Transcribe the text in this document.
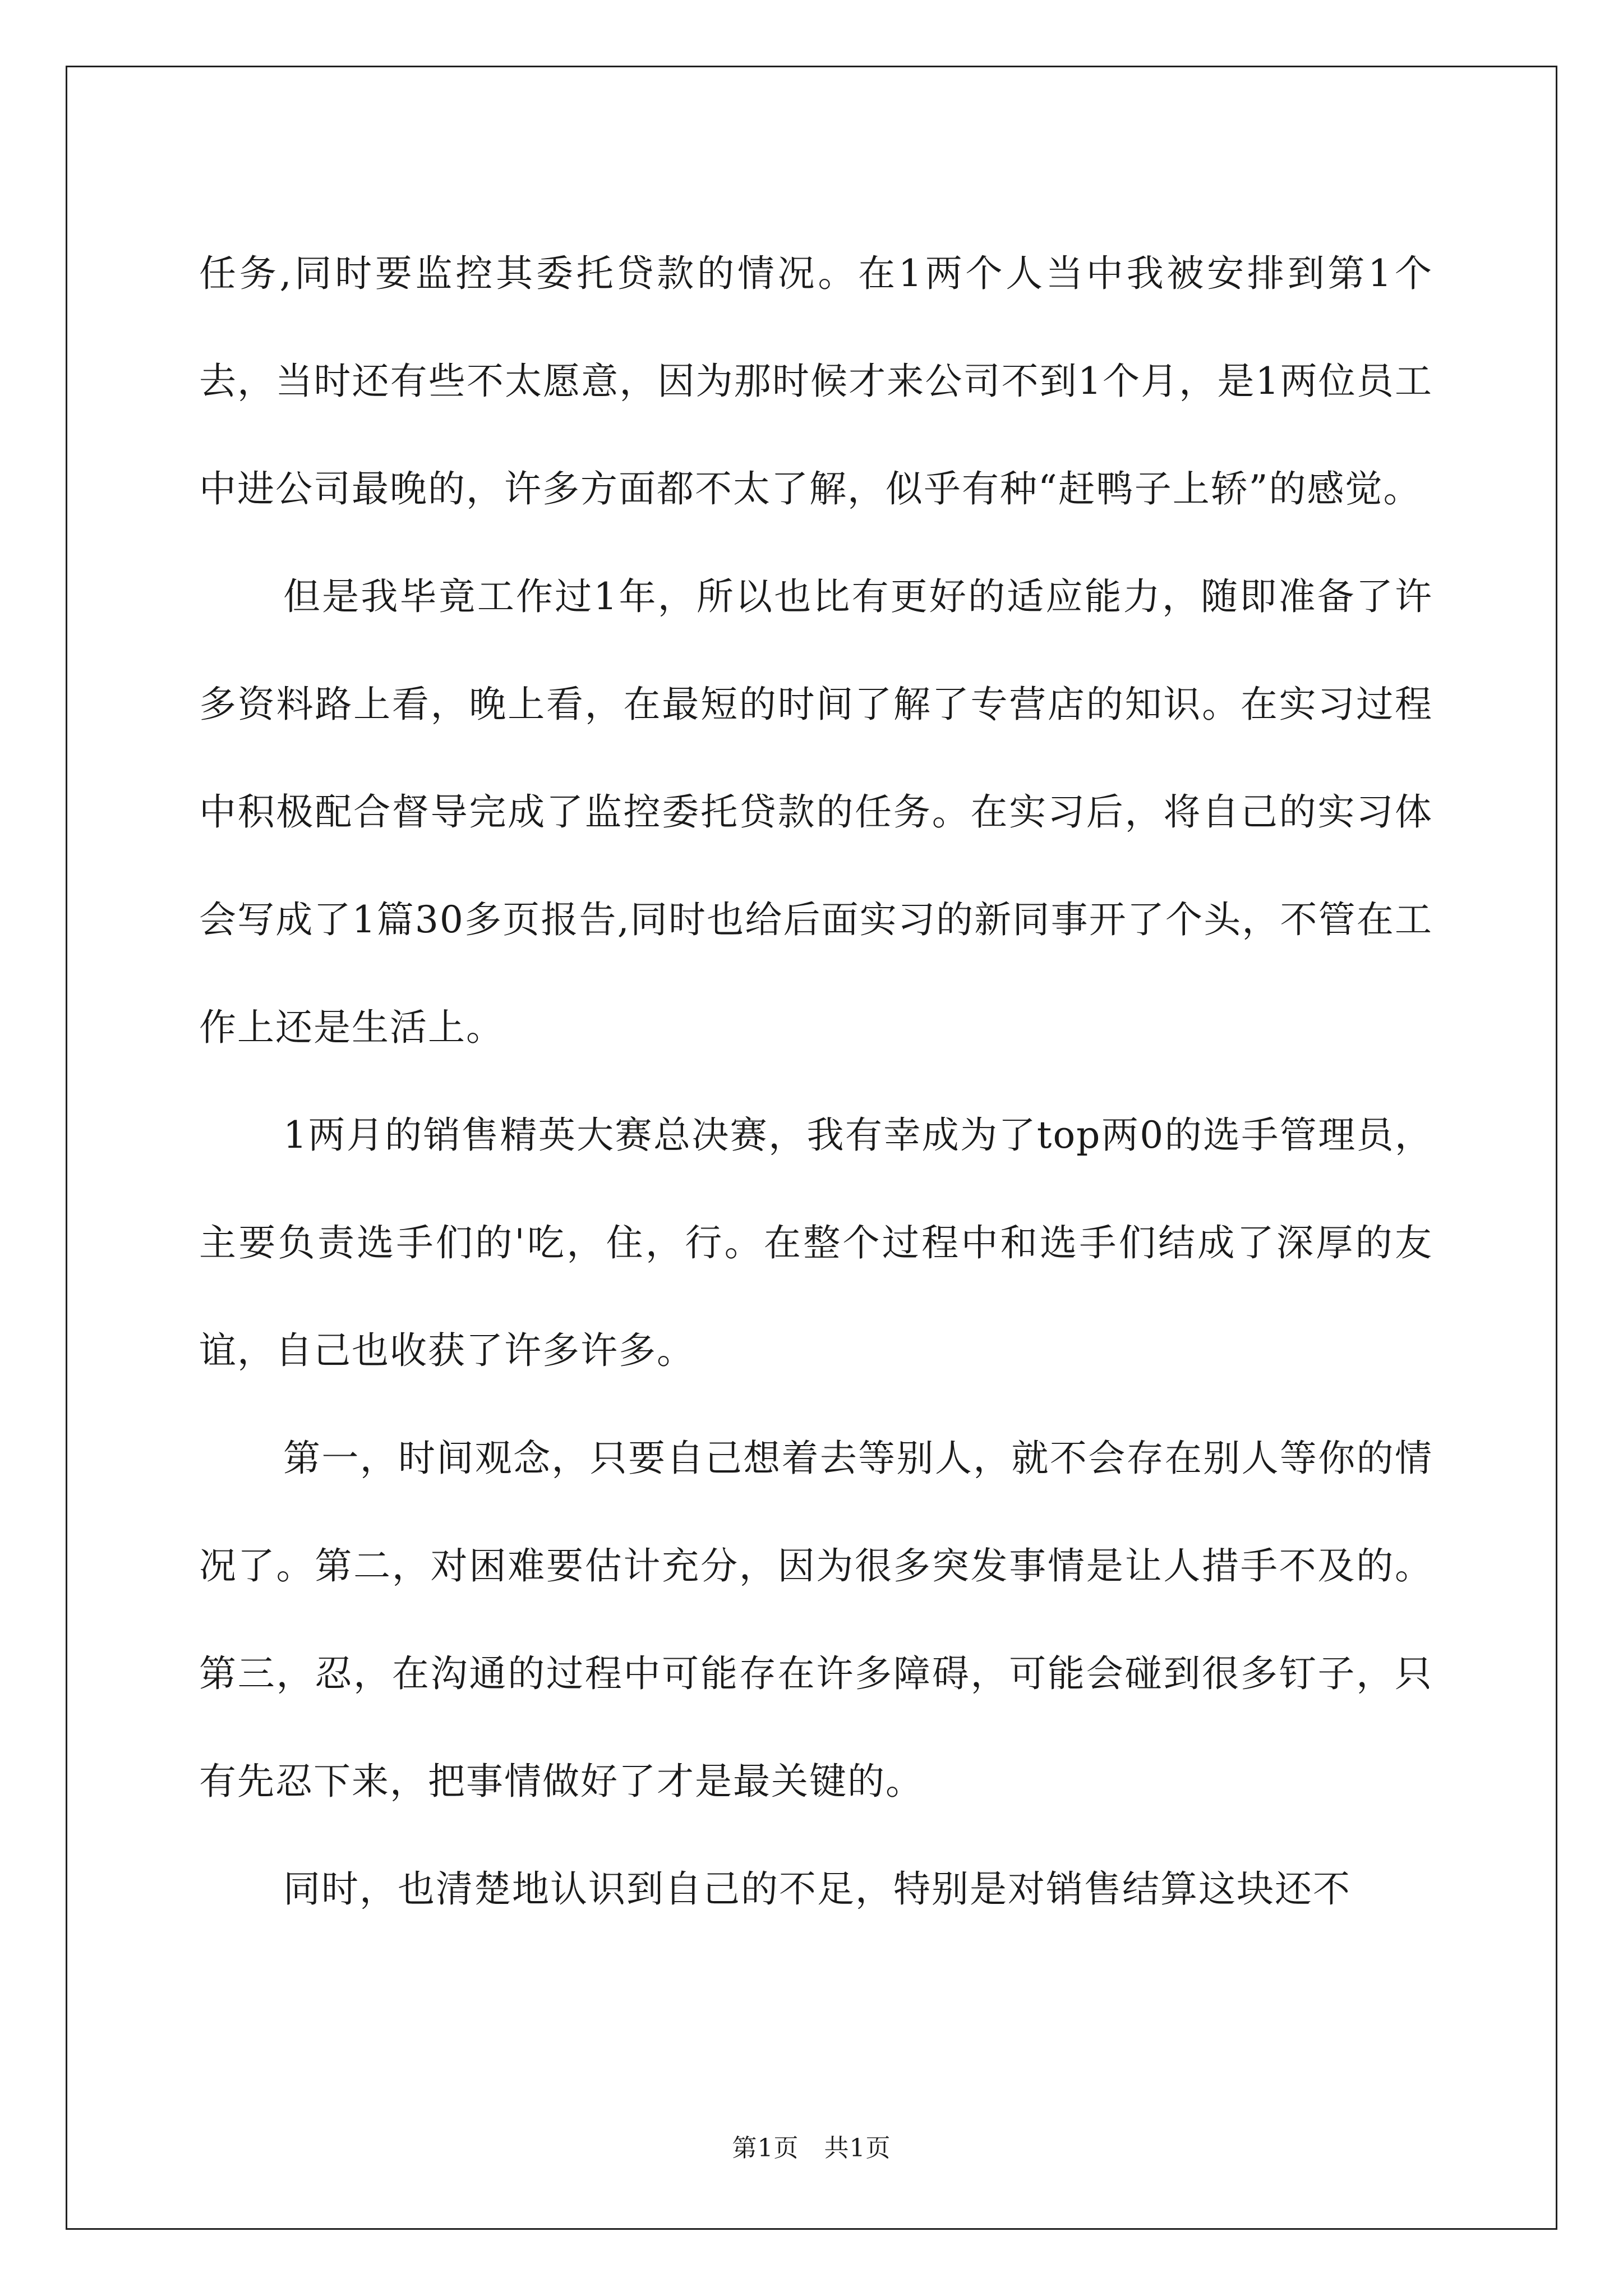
任务,同时要监控其委托贷款的情况。在1两个人当中我被安排到第1个去，当时还有些不太愿意，因为那时候才来公司不到1个月，是1两位员工中进公司最晚的，许多方面都不太了解，似乎有种“赶鸭子上轿”的感觉。

但是我毕竟工作过1年，所以也比有更好的适应能力，随即准备了许多资料路上看，晚上看，在最短的时间了解了专营店的知识。在实习过程中积极配合督导完成了监控委托贷款的任务。在实习后，将自己的实习体会写成了1篇30多页报告,同时也给后面实习的新同事开了个头，不管在工作上还是生活上。

1两月的销售精英大赛总决赛，我有幸成为了top两0的选手管理员，主要负责选手们的'吃，住，行。在整个过程中和选手们结成了深厚的友谊，自己也收获了许多许多。

第一，时间观念，只要自己想着去等别人，就不会存在别人等你的情况了。第二，对困难要估计充分，因为很多突发事情是让人措手不及的。第三，忍，在沟通的过程中可能存在许多障碍，可能会碰到很多钉子，只有先忍下来，把事情做好了才是最关键的。

同时，也清楚地认识到自己的不足，特别是对销售结算这块还不

第1页　共1页
